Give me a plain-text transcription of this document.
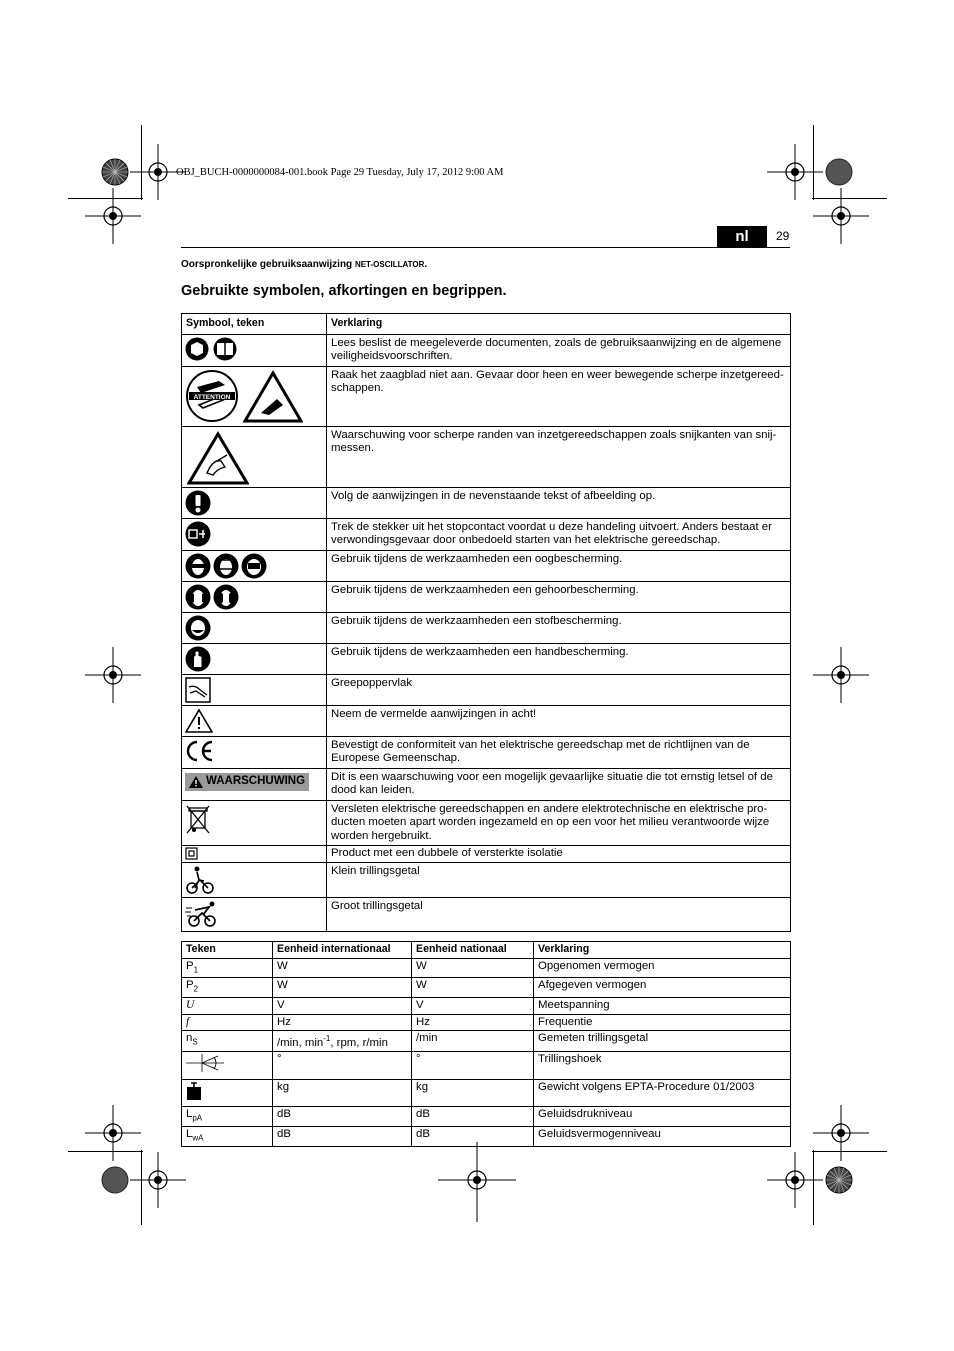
OBJ_BUCH-0000000084-001.book Page 29 Tuesday, July 17, 2012 9:00 AM
nl	29
Oorspronkelijke gebruiksaanwijzing NET-OSCILLATOR.
Gebruikte symbolen, afkortingen en begrippen.
Symbool, teken	Verklaring
	Lees beslist de meegeleverde documenten, zoals de gebruiksaanwijzing en de algemene veiligheidsvoorschriften.

ATTENTION	Raak het zaagblad niet aan. Gevaar door heen en weer bewegende scherpe inzetgereed-schappen.
	Waarschuwing voor scherpe randen van inzetgereedschappen zoals snijkanten van snij-messen.
	Volg de aanwijzingen in de nevenstaande tekst of afbeelding op.
	Trek de stekker uit het stopcontact voordat u deze handeling uitvoert. Anders bestaat er verwondingsgevaar door onbedoeld starten van het elektrische gereedschap.
	Gebruik tijdens de werkzaamheden een oogbescherming.
	Gebruik tijdens de werkzaamheden een gehoorbescherming.
	Gebruik tijdens de werkzaamheden een stofbescherming.
	Gebruik tijdens de werkzaamheden een handbescherming.
	Greepoppervlak
	Neem de vermelde aanwijzingen in acht!
	Bevestigt de conformiteit van het elektrische gereedschap met de richtlijnen van de Europese Gemeenschap.

WAARSCHUWING	Dit is een waarschuwing voor een mogelijk gevaarlijke situatie die tot ernstig letsel of de dood kan leiden.
	Versleten elektrische gereedschappen en andere elektrotechnische en elektrische pro-ducten moeten apart worden ingezameld en op een voor het milieu verantwoorde wijze worden hergebruikt.
	Product met een dubbele of versterkte isolatie
	Klein trillingsgetal
	Groot trillingsgetal
Teken	Eenheid internationaal	Eenheid nationaal	Verklaring
$P_1$	W	W	Opgenomen vermogen
$P_2$	W	W	Afgegeven vermogen
U	V	V	Meetspanning
f	Hz	Hz	Frequentie
$n_S$	/min, $\min^{-1}$, rpm, r/min	/min	Gemeten trillingsgetal
	°	°	Trillingshoek
	kg	kg	Gewicht volgens EPTA-Procedure 01/2003
$L_{pA}$	dB	dB	Geluidsdrukniveau
$L_{wA}$	dB	dB	Geluidsvermogenniveau
